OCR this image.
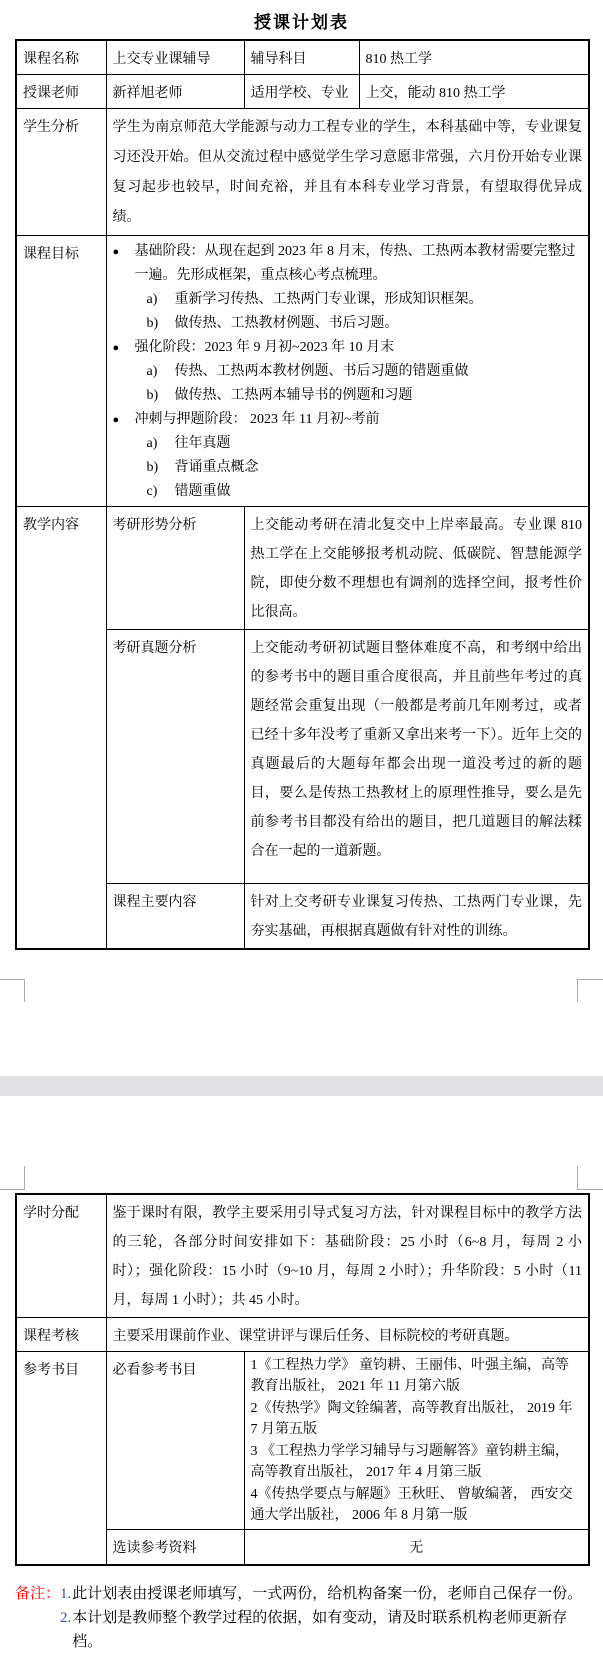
授课计划表
课程名称	上交专业课辅导	辅导科目	810 热工学
授课老师	新祥旭老师	适用学校、专业	上交，能动 810 热工学
学生分析	学生为南京师范大学能源与动力工程专业的学生，本科基础中等，专业课复习还没开始。但从交流过程中感觉学生学习意愿非常强，六月份开始专业课复习起步也较早，时间充裕，并且有本科专业学习背景，有望取得优异成绩。		
课程目标	●	基础阶段：从现在起到 2023 年 8 月末，传热、工热两本教材需要完整过一遍。先形成框架，重点核心考点梳理。
a)	重新学习传热、工热两门专业课，形成知识框架。
b)	做传热、工热教材例题、书后习题。
●	强化阶段：2023 年 9 月初~2023 年 10 月末
a)	传热、工热两本教材例题、书后习题的错题重做
b)	做传热、工热两本辅导书的例题和习题
●	冲刺与押题阶段： 2023 年 11 月初~考前
a)	往年真题
b)	背诵重点概念
c)	错题重做

教学内容	考研形势分析	上交能动考研在清北复交中上岸率最高。专业课 810 热工学在上交能够报考机动院、低碳院、智慧能源学院，即使分数不理想也有调剂的选择空间，报考性价比很高。	
	考研真题分析	上交能动考研初试题目整体难度不高，和考纲中给出的参考书中的题目重合度很高，并且前些年考过的真题经常会重复出现（一般都是考前几年刚考过，或者已经十多年没考了重新又拿出来考一下）。近年上交的真题最后的大题每年都会出现一道没考过的新的题目，要么是传热工热教材上的原理性推导，要么是先前参考书目都没有给出的题目，把几道题目的解法糅合在一起的一道新题。	
	课程主要内容	针对上交考研专业课复习传热、工热两门专业课，先夯实基础，再根据真题做有针对性的训练。	
学时分配	鉴于课时有限，教学主要采用引导式复习方法，针对课程目标中的教学方法的三轮，各部分时间安排如下：基础阶段：25 小时（6~8 月，每周 2 小时）；强化阶段：15 小时（9~10 月，每周 2 小时）；升华阶段：5 小时（11 月，每周 1 小时）；共 45 小时。	
课程考核	主要采用课前作业、课堂讲评与课后任务、目标院校的考研真题。	
参考书目	必看参考书目	1《工程热力学》 童钧耕、王丽伟、叶强主编，高等教育出版社， 2021 年 11 月第六版
2《传热学》陶文铨编著，高等教育出版社， 2019 年 7 月第五版
3 《工程热力学学习辅导与习题解答》童钧耕主编，高等教育出版社， 2017 年 4 月第三版
4《传热学要点与解题》王秋旺、 曾敏编著， 西安交通大学出版社， 2006 年 8 月第一版

	选读参考资料	无
备注： 1. 此计划表由授课老师填写，一式两份，给机构备案一份，老师自己保存一份。
2. 本计划是教师整个教学过程的依据，如有变动，请及时联系机构老师更新存档。
